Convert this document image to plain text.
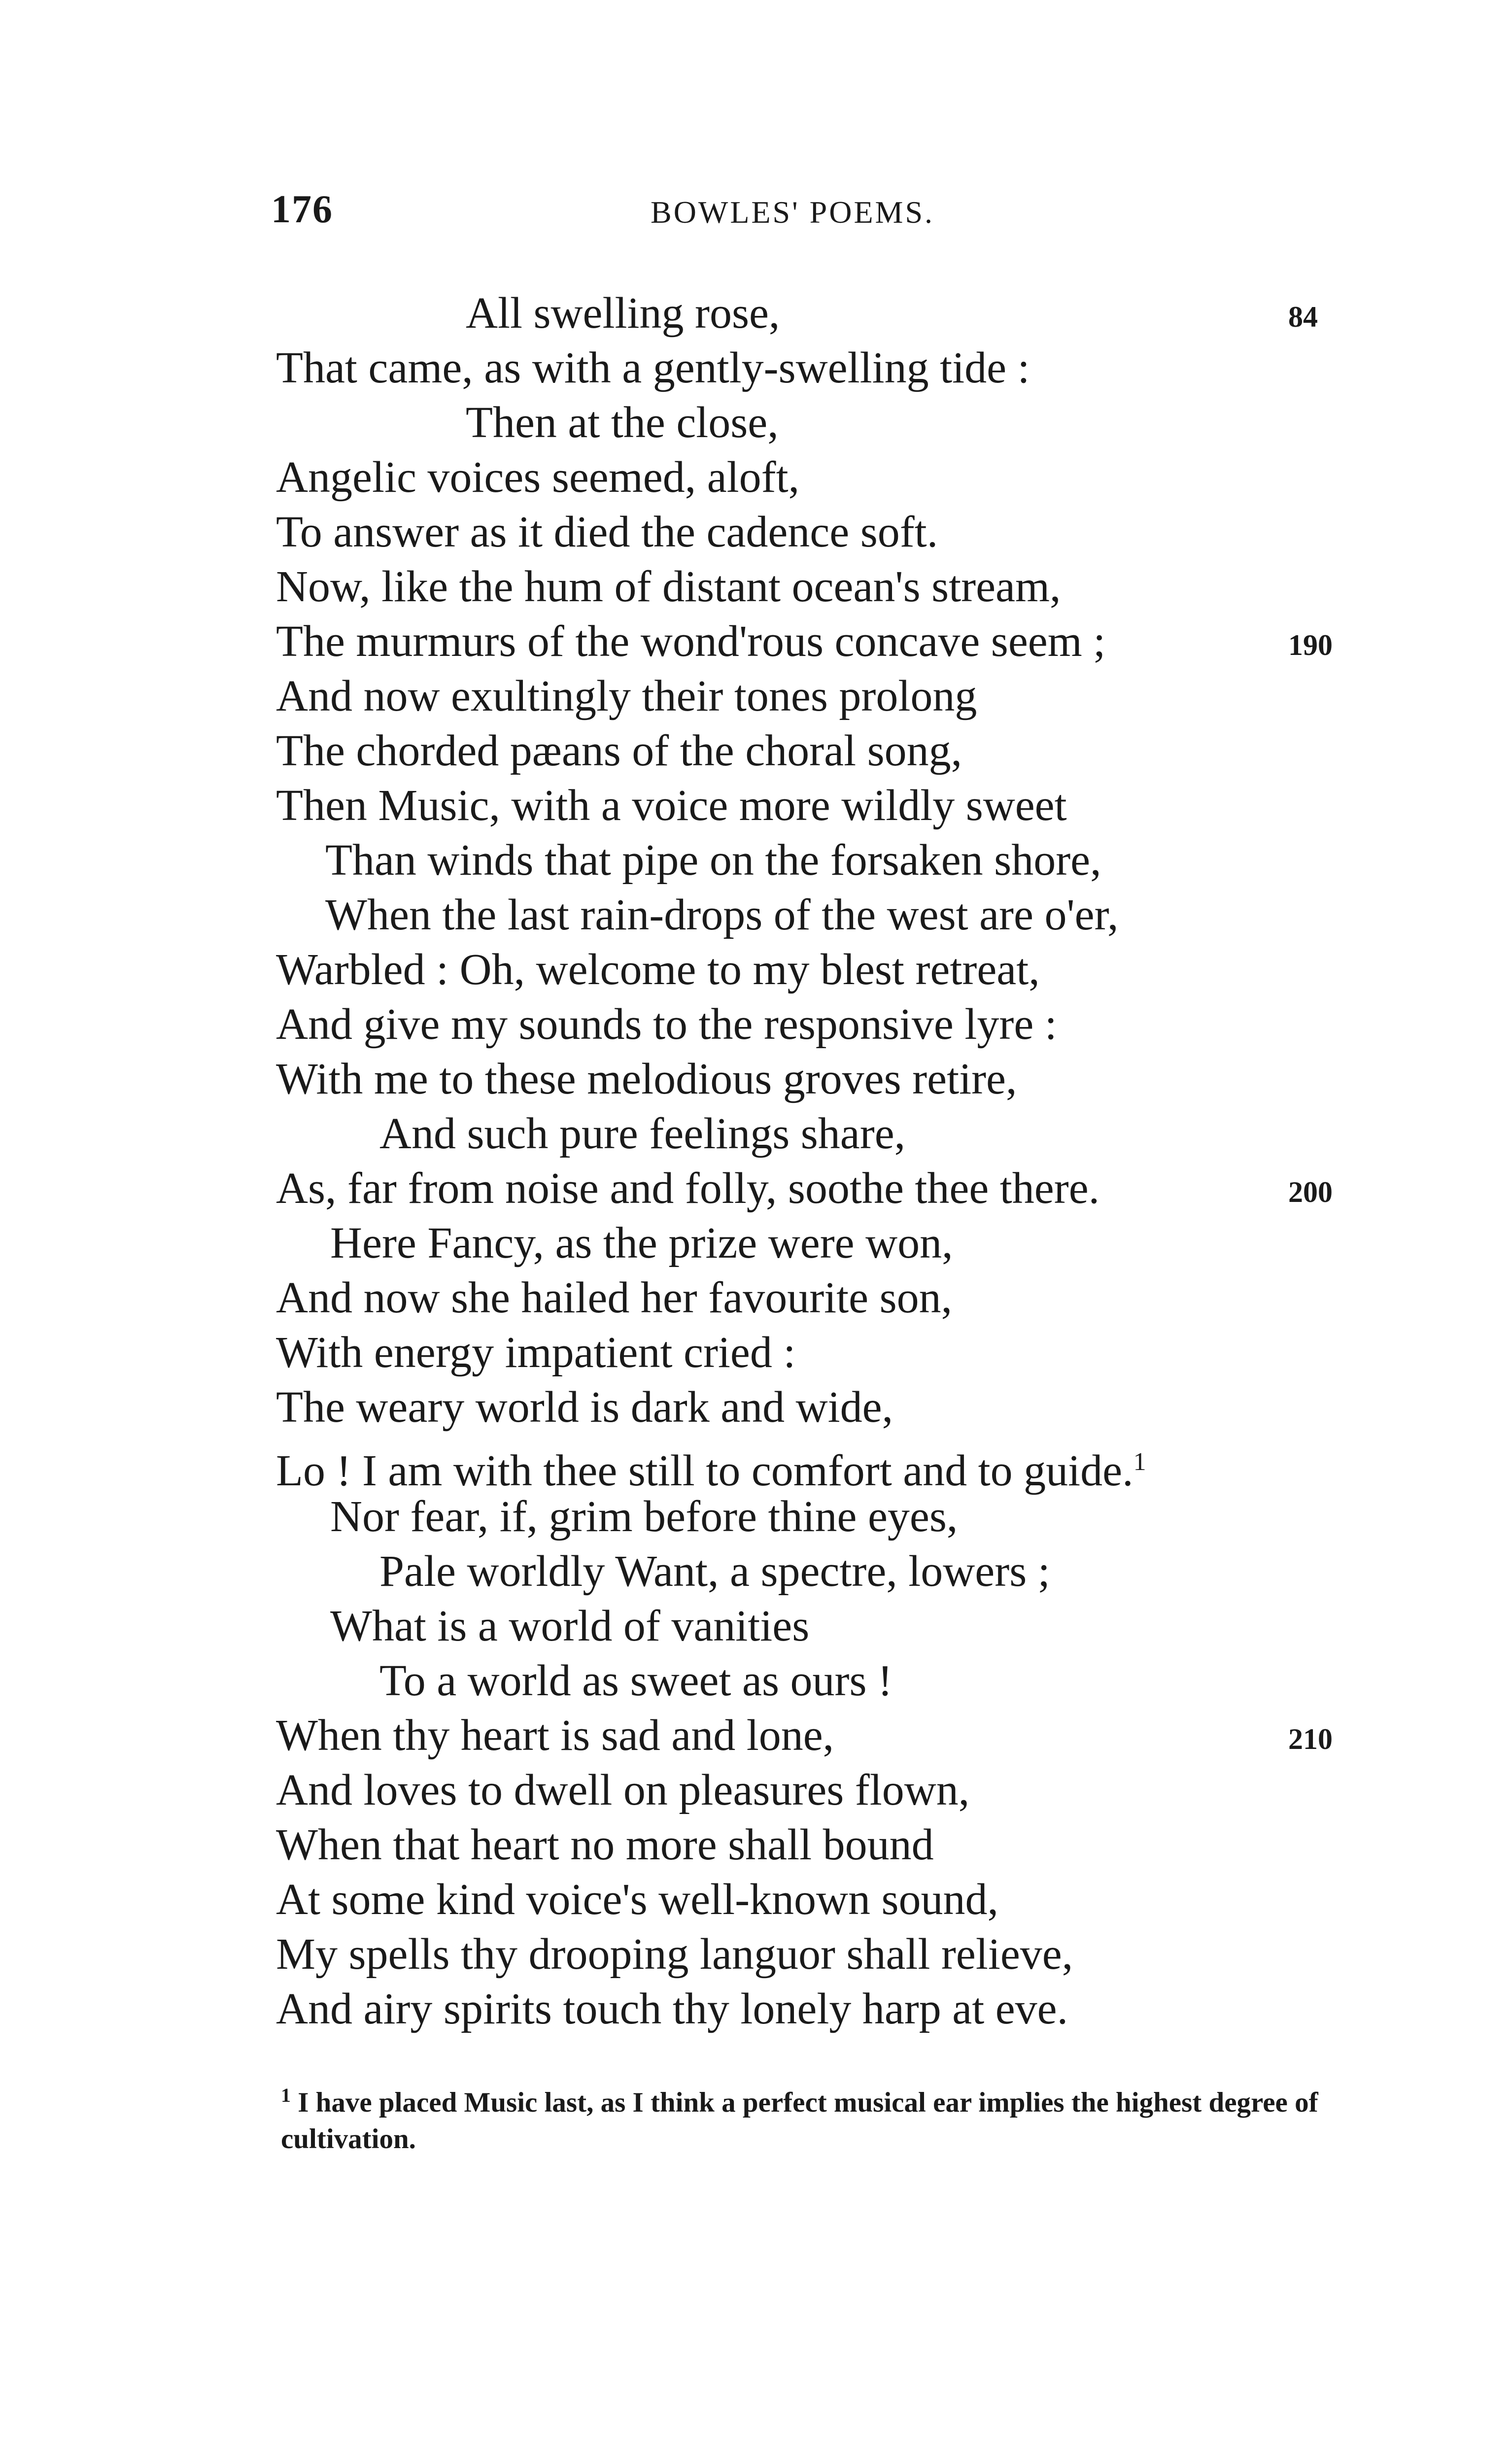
176	BOWLES' POEMS.
All swelling rose,	84
That came, as with a gently-swelling tide :
Then at the close,
Angelic voices seemed, aloft,
To answer as it died the cadence soft.
Now, like the hum of distant ocean's stream,
The murmurs of the wond'rous concave seem ;	190
And now exultingly their tones prolong
The chorded pæans of the choral song,
Then Music, with a voice more wildly sweet
Than winds that pipe on the forsaken shore,
When the last rain-drops of the west are o'er,
Warbled : Oh, welcome to my blest retreat,
And give my sounds to the responsive lyre :
With me to these melodious groves retire,
And such pure feelings share,
As, far from noise and folly, soothe thee there.	200
Here Fancy, as the prize were won,
And now she hailed her favourite son,
With energy impatient cried :
The weary world is dark and wide,
Lo ! I am with thee still to comfort and to guide.$^1$
Nor fear, if, grim before thine eyes,
Pale worldly Want, a spectre, lowers ;
What is a world of vanities
To a world as sweet as ours !
When thy heart is sad and lone,	210
And loves to dwell on pleasures flown,
When that heart no more shall bound
At some kind voice's well-known sound,
My spells thy drooping languor shall relieve,
And airy spirits touch thy lonely harp at eve.
$^1$ I have placed Music last, as I think a perfect musical ear implies the highest degree of cultivation.
